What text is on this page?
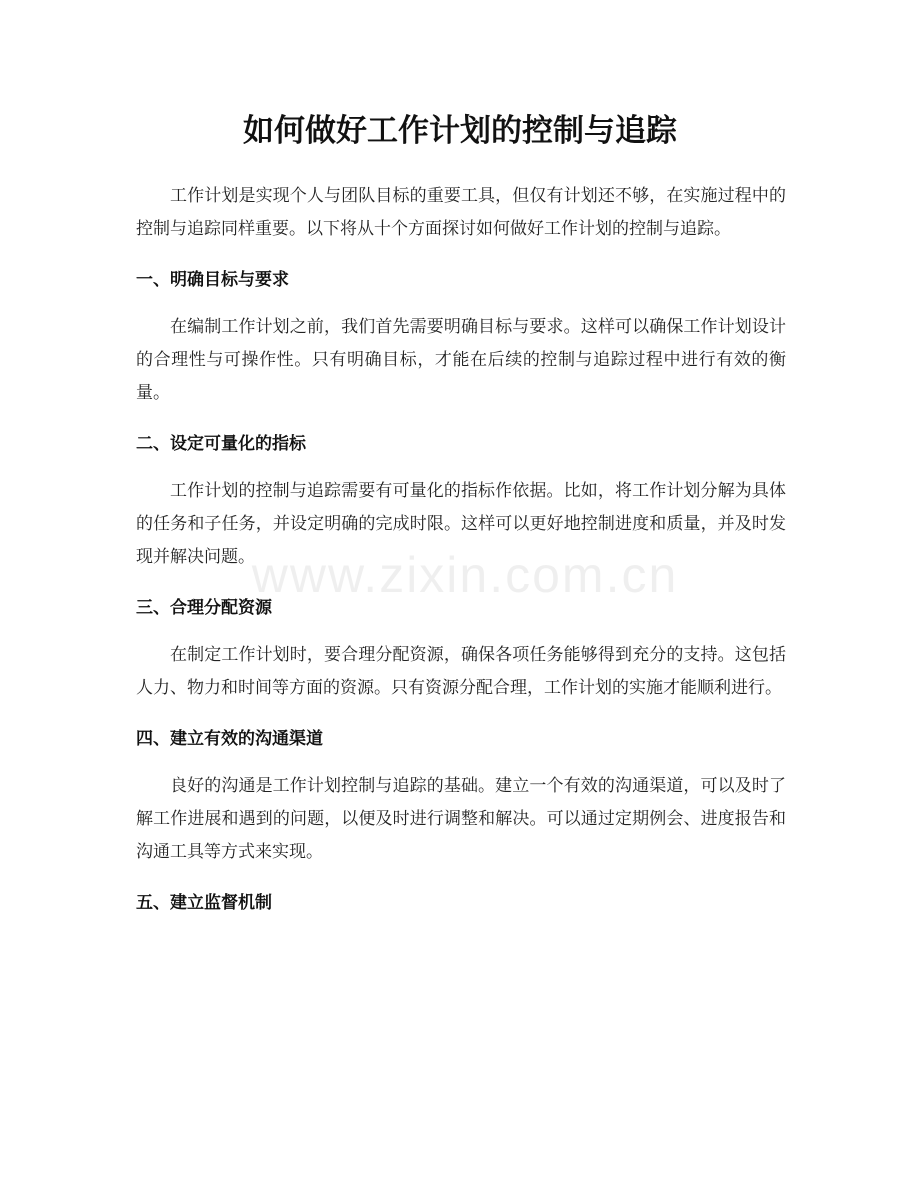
如何做好工作计划的控制与追踪
www.zixin.com.cn

工作计划是实现个人与团队目标的重要工具，但仅有计划还不够，在实施过程中的控制与追踪同样重要。以下将从十个方面探讨如何做好工作计划的控制与追踪。

一、明确目标与要求

在编制工作计划之前，我们首先需要明确目标与要求。这样可以确保工作计划设计的合理性与可操作性。只有明确目标，才能在后续的控制与追踪过程中进行有效的衡量。

二、设定可量化的指标

工作计划的控制与追踪需要有可量化的指标作依据。比如，将工作计划分解为具体的任务和子任务，并设定明确的完成时限。这样可以更好地控制进度和质量，并及时发现并解决问题。

三、合理分配资源

在制定工作计划时，要合理分配资源，确保各项任务能够得到充分的支持。这包括人力、物力和时间等方面的资源。只有资源分配合理，工作计划的实施才能顺利进行。

四、建立有效的沟通渠道

良好的沟通是工作计划控制与追踪的基础。建立一个有效的沟通渠道，可以及时了解工作进展和遇到的问题，以便及时进行调整和解决。可以通过定期例会、进度报告和沟通工具等方式来实现。

五、建立监督机制
